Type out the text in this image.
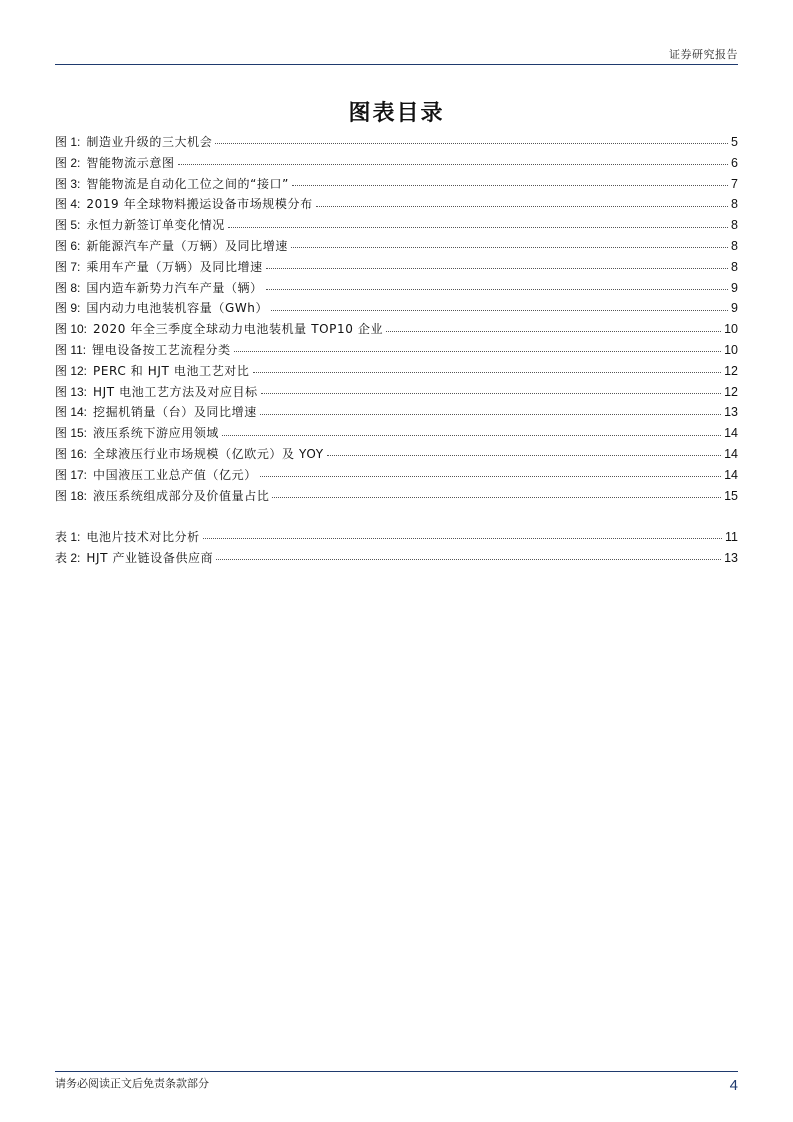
证券研究报告
图表目录
图 1: 制造业升级的三大机会	5
图 2: 智能物流示意图	6
图 3: 智能物流是自动化工位之间的“接口”	7
图 4: 2019 年全球物料搬运设备市场规模分布	8
图 5: 永恒力新签订单变化情况	8
图 6: 新能源汽车产量（万辆）及同比增速	8
图 7: 乘用车产量（万辆）及同比增速	8
图 8: 国内造车新势力汽车产量（辆）	9
图 9: 国内动力电池装机容量（GWh）	9
图 10: 2020 年全三季度全球动力电池装机量 TOP10 企业	10
图 11: 锂电设备按工艺流程分类	10
图 12: PERC 和 HJT 电池工艺对比	12
图 13: HJT 电池工艺方法及对应目标	12
图 14: 挖掘机销量（台）及同比增速	13
图 15: 液压系统下游应用领域	14
图 16: 全球液压行业市场规模（亿欧元）及 YOY	14
图 17: 中国液压工业总产值（亿元）	14
图 18: 液压系统组成部分及价值量占比	15
表 1: 电池片技术对比分析	11
表 2: HJT 产业链设备供应商	13
请务必阅读正文后免责条款部分	4
